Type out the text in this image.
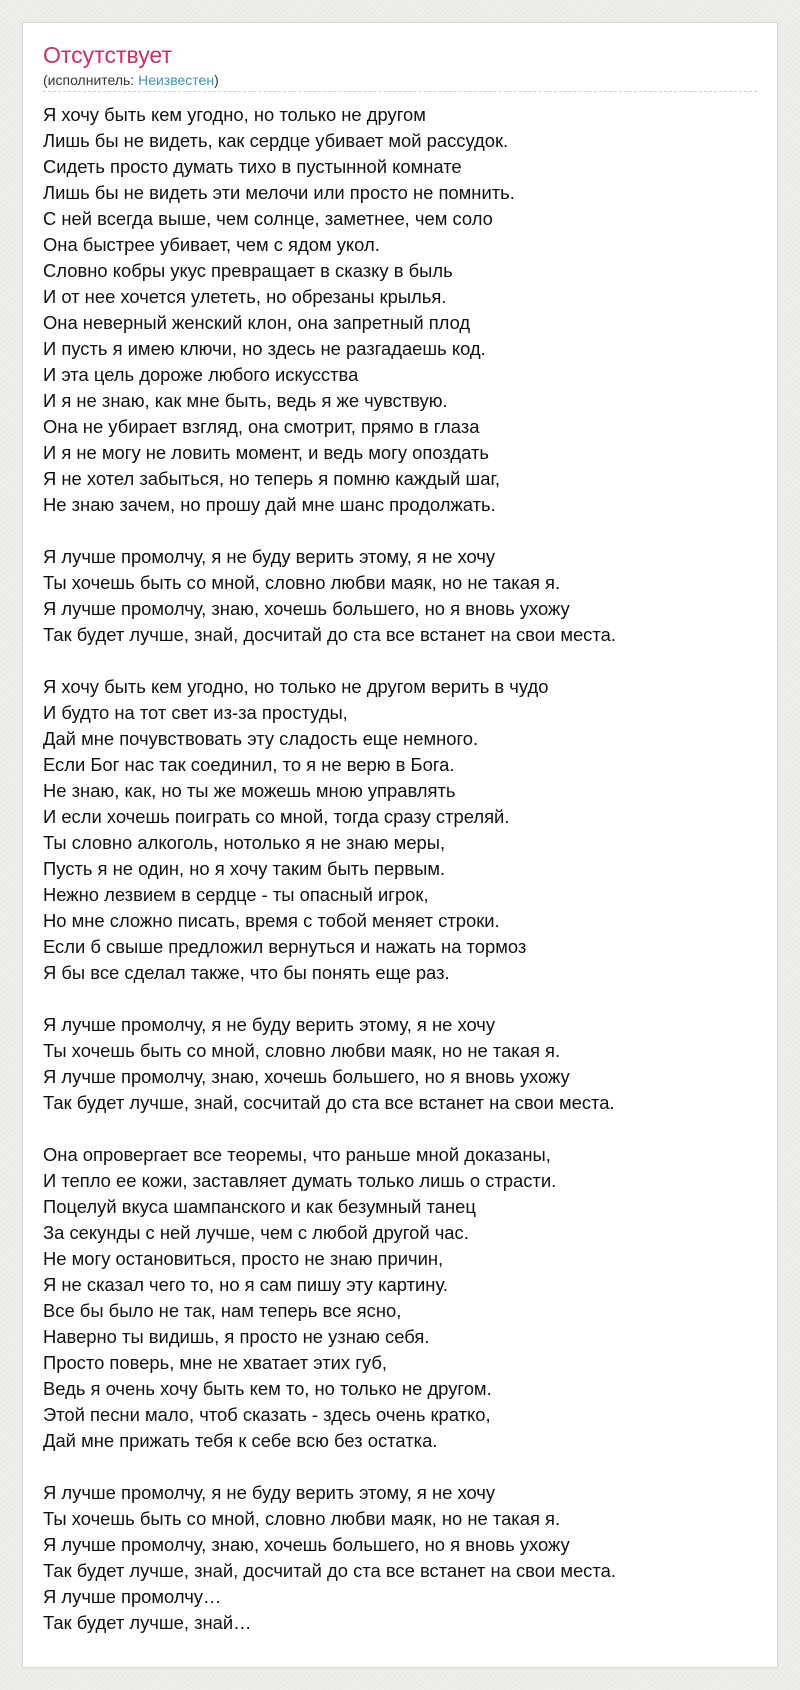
Отсутствует
(исполнитель: Неизвестен)
Я хочу быть кем угодно, но только не другом
Лишь бы не видеть, как сердце убивает мой рассудок.
Сидеть просто думать тихо в пустынной комнате
Лишь бы не видеть эти мелочи или просто не помнить.
С ней всегда выше, чем солнце, заметнее, чем соло
Она быстрее убивает, чем с ядом укол.
Словно кобры укус превращает в сказку в быль
И от нее хочется улететь, но обрезаны крылья.
Она неверный женский клон, она запретный плод
И пусть я имею ключи, но здесь не разгадаешь код.
И эта цель дороже любого искусства
И я не знаю, как мне быть, ведь я же чувствую.
Она не убирает взгляд, она смотрит, прямо в глаза
И я не могу не ловить момент, и ведь могу опоздать
Я не хотел забыться, но теперь я помню каждый шаг,
Не знаю зачем, но прошу дай мне шанс продолжать.
Я лучше промолчу, я не буду верить этому, я не хочу
Ты хочешь быть со мной, словно любви маяк, но не такая я.
Я лучше промолчу, знаю, хочешь большего, но я вновь ухожу
Так будет лучше, знай, досчитай до ста все встанет на свои места.
Я хочу быть кем угодно, но только не другом верить в чудо
И будто на тот свет из-за простуды,
Дай мне почувствовать эту сладость еще немного.
Если Бог нас так соединил, то я не верю в Бога.
Не знаю, как, но ты же можешь мною управлять
И если хочешь поиграть со мной, тогда сразу стреляй.
Ты словно алкоголь, нотолько я не знаю меры,
Пусть я не один, но я хочу таким быть первым.
Нежно лезвием в сердце - ты опасный игрок,
Но мне сложно писать, время с тобой меняет строки.
Если б свыше предложил вернуться и нажать на тормоз
Я бы все сделал также, что бы понять еще раз.
Я лучше промолчу, я не буду верить этому, я не хочу
Ты хочешь быть со мной, словно любви маяк, но не такая я.
Я лучше промолчу, знаю, хочешь большего, но я вновь ухожу
Так будет лучше, знай, сосчитай до ста все встанет на свои места.
Она опровергает все теоремы, что раньше мной доказаны,
И тепло ее кожи, заставляет думать только лишь о страсти.
Поцелуй вкуса шампанского и как безумный танец
За секунды с ней лучше, чем с любой другой час.
Не могу остановиться, просто не знаю причин,
Я не сказал чего то, но я сам пишу эту картину.
Все бы было не так, нам теперь все ясно,
Наверно ты видишь, я просто не узнаю себя.
Просто поверь, мне не хватает этих губ,
Ведь я очень хочу быть кем то, но только не другом.
Этой песни мало, чтоб сказать - здесь очень кратко,
Дай мне прижать тебя к себе всю без остатка.
Я лучше промолчу, я не буду верить этому, я не хочу
Ты хочешь быть со мной, словно любви маяк, но не такая я.
Я лучше промолчу, знаю, хочешь большего, но я вновь ухожу
Так будет лучше, знай, досчитай до ста все встанет на свои места.
Я лучше промолчу…
Так будет лучше, знай…
